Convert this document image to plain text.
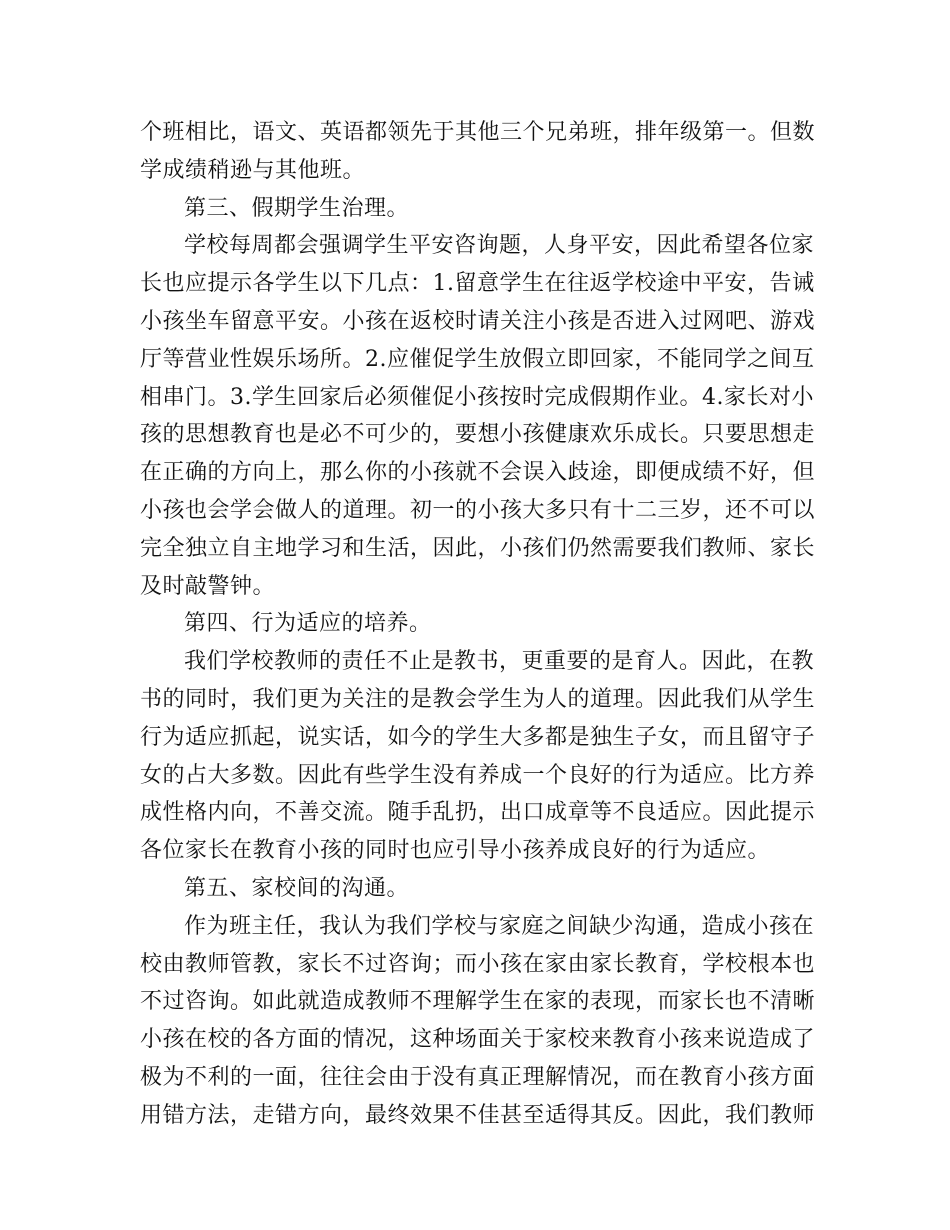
个班相比，语文、英语都领先于其他三个兄弟班，排年级第一。但数
学成绩稍逊与其他班。
第三、假期学生治理。
学校每周都会强调学生平安咨询题，人身平安，因此希望各位家
长也应提示各学生以下几点：1.留意学生在往返学校途中平安，告诫
小孩坐车留意平安。小孩在返校时请关注小孩是否进入过网吧、游戏
厅等营业性娱乐场所。2.应催促学生放假立即回家，不能同学之间互
相串门。3.学生回家后必须催促小孩按时完成假期作业。4.家长对小
孩的思想教育也是必不可少的，要想小孩健康欢乐成长。只要思想走
在正确的方向上，那么你的小孩就不会误入歧途，即便成绩不好，但
小孩也会学会做人的道理。初一的小孩大多只有十二三岁，还不可以
完全独立自主地学习和生活，因此，小孩们仍然需要我们教师、家长
及时敲警钟。
第四、行为适应的培养。
我们学校教师的责任不止是教书，更重要的是育人。因此，在教
书的同时，我们更为关注的是教会学生为人的道理。因此我们从学生
行为适应抓起，说实话，如今的学生大多都是独生子女，而且留守子
女的占大多数。因此有些学生没有养成一个良好的行为适应。比方养
成性格内向，不善交流。随手乱扔，出口成章等不良适应。因此提示
各位家长在教育小孩的同时也应引导小孩养成良好的行为适应。
第五、家校间的沟通。
作为班主任，我认为我们学校与家庭之间缺少沟通，造成小孩在
校由教师管教，家长不过咨询；而小孩在家由家长教育，学校根本也
不过咨询。如此就造成教师不理解学生在家的表现，而家长也不清晰
小孩在校的各方面的情况，这种场面关于家校来教育小孩来说造成了
极为不利的一面，往往会由于没有真正理解情况，而在教育小孩方面
用错方法，走错方向，最终效果不佳甚至适得其反。因此，我们教师
